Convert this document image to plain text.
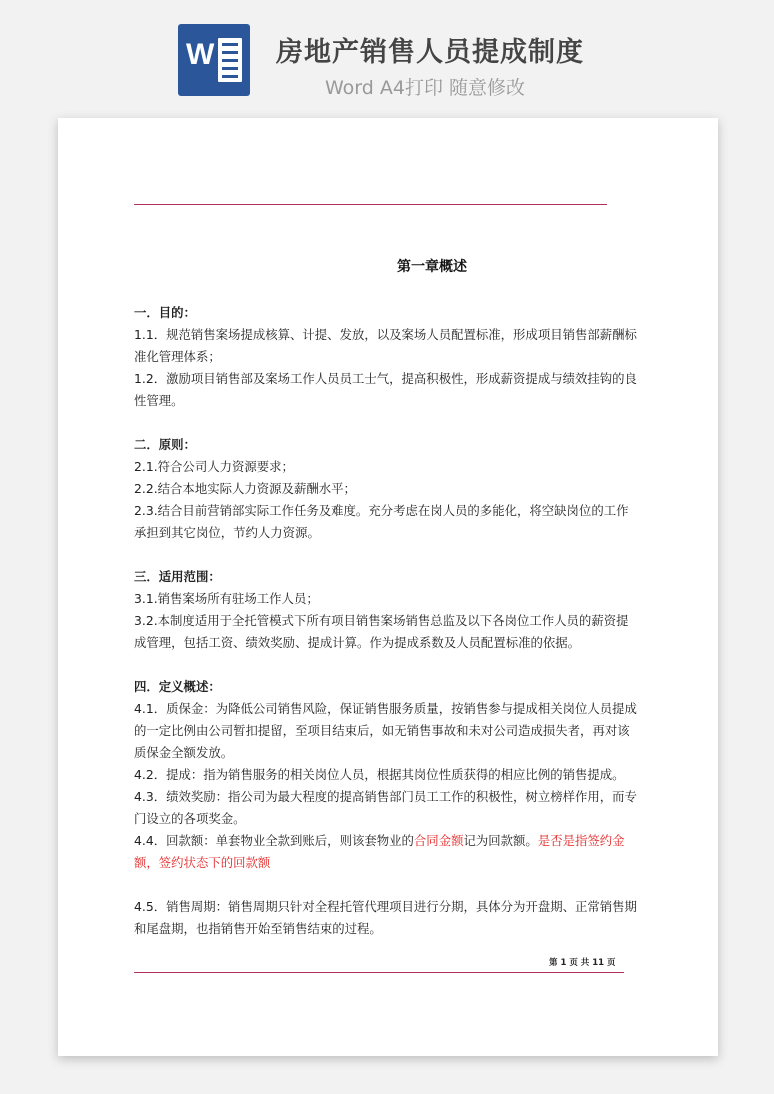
W 房地产销售人员提成制度
Word A4打印 随意修改
第一章概述

一．目的：

1.1．规范销售案场提成核算、计提、发放，以及案场人员配置标准，形成项目销售部薪酬标准化管理体系；

1.2．激励项目销售部及案场工作人员员工士气，提高积极性，形成薪资提成与绩效挂钩的良性管理。

二．原则：

2.1.符合公司人力资源要求；

2.2.结合本地实际人力资源及薪酬水平；

2.3.结合目前营销部实际工作任务及难度。充分考虑在岗人员的多能化，将空缺岗位的工作承担到其它岗位，节约人力资源。

三．适用范围：

3.1.销售案场所有驻场工作人员；

3.2.本制度适用于全托管模式下所有项目销售案场销售总监及以下各岗位工作人员的薪资提成管理，包括工资、绩效奖励、提成计算。作为提成系数及人员配置标准的依据。

四．定义概述：

4.1．质保金：为降低公司销售风险，保证销售服务质量，按销售参与提成相关岗位人员提成的一定比例由公司暂扣提留，至项目结束后，如无销售事故和未对公司造成损失者，再对该质保金全额发放。

4.2．提成：指为销售服务的相关岗位人员，根据其岗位性质获得的相应比例的销售提成。

4.3．绩效奖励：指公司为最大程度的提高销售部门员工工作的积极性，树立榜样作用，而专门设立的各项奖金。

4.4．回款额：单套物业全款到账后，则该套物业的合同金额记为回款额。是否是指签约金额，签约状态下的回款额

4.5．销售周期：销售周期只针对全程托管代理项目进行分期，具体分为开盘期、正常销售期和尾盘期，也指销售开始至销售结束的过程。

第 1 页 共 11 页
